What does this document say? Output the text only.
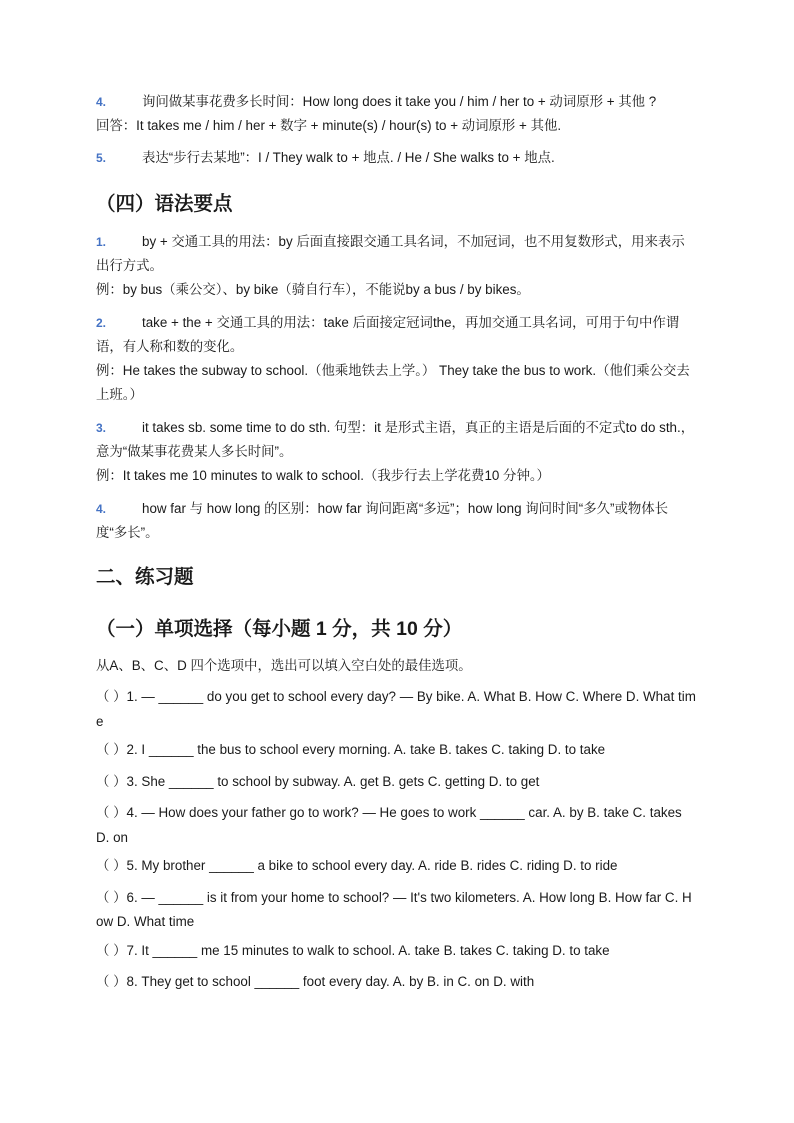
4.	询问做某事花费多长时间：How long does it take you / him / her to + 动词原形 + 其他 ?
回答：It takes me / him / her + 数字 + minute(s) / hour(s) to + 动词原形 + 其他.
5.	表达“步行去某地”：I / They walk to + 地点. / He / She walks to + 地点.
（四）语法要点
1.	by + 交通工具的用法：by 后面直接跟交通工具名词，不加冠词，也不用复数形式，用来表示出行方式。
例：by bus（乘公交）、by bike（骑自行车），不能说by a bus / by bikes。
2.	take + the + 交通工具的用法：take 后面接定冠词the，再加交通工具名词，可用于句中作谓语，有人称和数的变化。
例：He takes the subway to school.（他乘地铁去上学。） They take the bus to work.（他们乘公交去上班。）
3.	it takes sb. some time to do sth. 句型：it 是形式主语，真正的主语是后面的不定式to do sth.，意为“做某事花费某人多长时间”。
例：It takes me 10 minutes to walk to school.（我步行去上学花费10 分钟。）
4.	how far 与 how long 的区别：how far 询问距离“多远”；how long 询问时间“多久”或物体长度“多长”。
二、练习题
（一）单项选择（每小题 1 分，共 10 分）
从A、B、C、D 四个选项中，选出可以填入空白处的最佳选项。
（ ）1. — ______ do you get to school every day? — By bike. A. What B. How C. Where D. What time
（ ）2. I ______ the bus to school every morning. A. take B. takes C. taking D. to take
（ ）3. She ______ to school by subway. A. get B. gets C. getting D. to get
（ ）4. — How does your father go to work? — He goes to work ______ car. A. by B. take C. takes D. on
（ ）5. My brother ______ a bike to school every day. A. ride B. rides C. riding D. to ride
（ ）6. — ______ is it from your home to school? — It's two kilometers. A. How long B. How far C. How D. What time
（ ）7. It ______ me 15 minutes to walk to school. A. take B. takes C. taking D. to take
（ ）8. They get to school ______ foot every day. A. by B. in C. on D. with
